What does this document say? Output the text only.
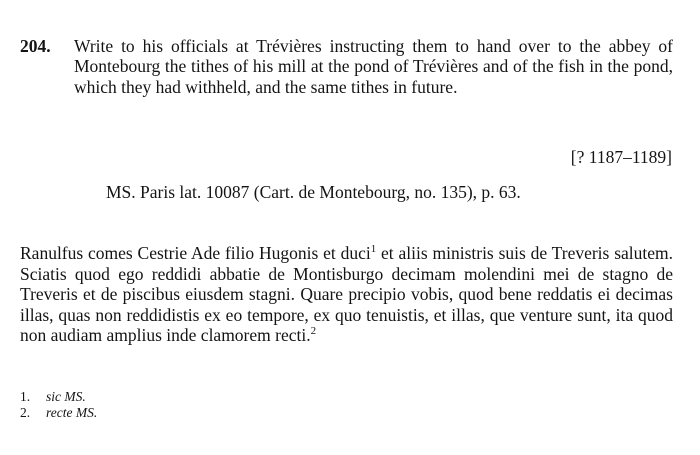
204. Write to his officials at Trévières instructing them to hand over to the abbey of Montebourg the tithes of his mill at the pond of Trévières and of the fish in the pond, which they had withheld, and the same tithes in future.
[? 1187–1189]
MS. Paris lat. 10087 (Cart. de Montebourg, no. 135), p. 63.
Ranulfus comes Cestrie Ade filio Hugonis et duci$^1$ et aliis ministris suis de Treveris salutem. Sciatis quod ego reddidi abbatie de Montisburgo decimam molendini mei de stagno de Treveris et de piscibus eiusdem stagni. Quare precipio vobis, quod bene reddatis ei decimas illas, quas non reddidistis ex eo tempore, ex quo tenuistis, et illas, que venture sunt, ita quod non audiam amplius inde clamorem recti.$^2$
1.	sic MS.
2.	recte MS.
